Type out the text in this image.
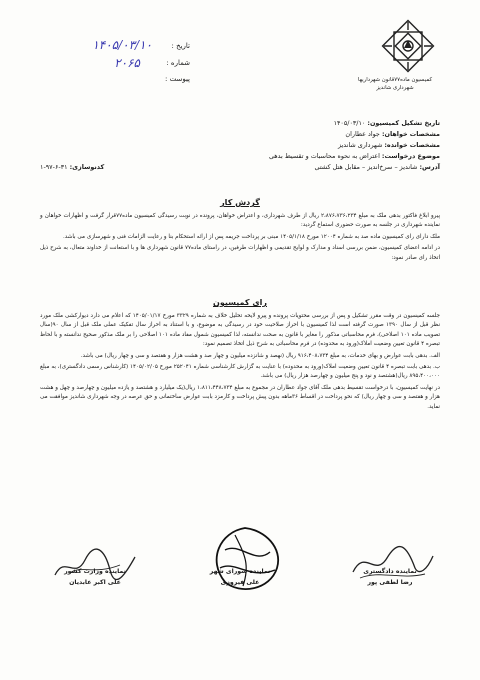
کمیسیون ماده۷۷قانون شهرداریها
شهرداری شاندیز
تاریخ :
۱۴۰۵/۰۳/۱۰
شماره :
۲۰۶۵
پیوست :
تاریخ تشکیل کمیسیون: ۱۴۰۵/۰۳/۱۰
مشخصات خواهان: جواد عطاران
مشخصات خوانده: شهرداری شاندیز
موضوع درخواست: اعتراض به نحوه محاسبات و تقسیط بدهی
آدرس: شاندیز – سرخ‌اندیز – مقابل هتل کشتی
کدنوسازی: ۳۱-۶-۹۷-۱
گردش کار
پیرو ابلاغ فاکتور بدهی ملک به مبلغ ۲،۸۷۶،۷۳۶،۲۳۴ ریال از طرف شهرداری، و اعتراض خواهان، پرونده در نوبت رسیدگی کمیسیون ماده۷۷قرار گرفت و اظهارات خواهان و نماینده شهرداری در جلسه به صورت حضوری استماع گردید:
ملک دارای رای کمیسیون ماده صد به شماره ۱۲۰۰۴ مورخ ۱۴۰۵/۱/۱۸ مبنی بر پرداخت جریمه پس از ارائه استحکام بنا و رعایت الزامات فنی و شهرسازی می باشد.
در ادامه اعضای کمیسیون، ضمن بررسی اسناد و مدارک و لوایح تقدیمی و اظهارات طرفین، در راستای ماده۷۷ قانون شهرداری ها و با استعانت از خداوند متعال، به شرح ذیل اتخاذ رای صادر نمود:
رای کمیسیون
جلسه کمیسیون در وقت مقرر تشکیل و پس از بررسی محتویات پرونده و پیرو لایحه تحلیل خلاف به شماره ۳۳۲۹ مورخ ۱۴۰۵/۰۱/۱۷ که اعلام می دارد دیوارکشی ملک مورد نظر قبل از سال ۱۳۹۰ صورت گرفته است لذا کمیسیون با احراز صلاحیت خود در رسیدگی به موضوع، و با استناد به احراز سال تفکیک عملی ملک قبل از سال ۹۰(سال تصویب ماده ۱۰۱ اصلاحی)، فرم محاسباتی مذکور را مغایر با قانون به صحت ندانسته، لذا کمیسیون شمول مفاد ماده ۱۰۱ اصلاحی را بر ملک مذکور صحیح ندانسته و با لحاظ تبصره ۴ قانون تعیین وضعیت املاک(ورود به محدوده) در فرم محاسباتی به شرح ذیل اتخاذ تصمیم نمود:
الف. بدهی بابت عوارض و بهای خدمات، به مبلغ ۹۱۶،۴۰۸،۷۳۴ ریال (نهصد و شانزده میلیون و چهار صد و هشت هزار و هفتصد و سی و چهار ریال) می باشد.
ب. بدهی بابت تبصره ۴ قانون تعیین وضعیت املاک(ورود به محدوده) با عنایت به گزارش کارشناسی شماره ۲۵۲۰۴۱ مورخ ۱۴۰۵/۰۲/۰۵ (کارشناس رسمی دادگستری)، به مبلغ ۸۹۵،۴۰۰،۰۰۰ ریال(هشتصد و نود و پنج میلیون و چهارصد هزار ریال) می باشد.
در نهایت کمیسیون، با درخواست تقسیط بدهی ملک آقای جواد عطاران در مجموع به مبلغ ۱،۸۱۱،۴۴۸،۷۳۴ ریال(یک میلیارد و هشتصد و یازده میلیون و چهارصد و چهل و هشت هزار و هفتصد و سی و چهار ریال) که نحو پرداخت در اقساط ۳۶ماهه بدون پیش پرداخت و کارمزد بابت عوارض ساختمانی و حق عرصه در وجه شهرداری شاندیز موافقت می نماید.
نماینده وزارت کشور
علی اکبر عابدیان
نماینده شورای شهر
علی فیروزی
نماینده دادگستری
رضا لطفی پور
